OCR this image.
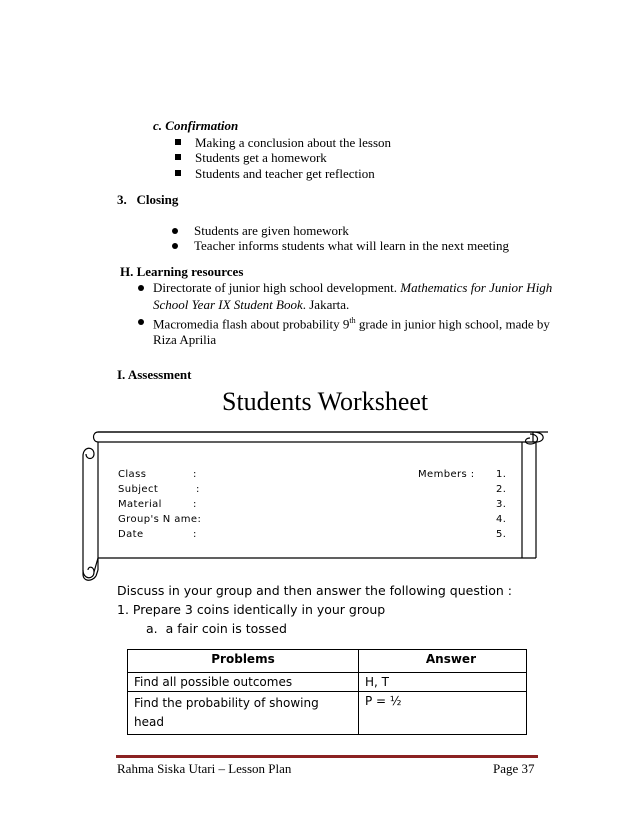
c. Confirmation
Making a conclusion about the lesson
Students get a homework
Students and teacher get reflection
3.   Closing
Students are given homework
Teacher informs students what will learn in the next meeting
H. Learning resources
Directorate of junior high school development. Mathematics for Junior High
School Year IX Student Book. Jakarta.
Macromedia flash about probability 9th grade in junior high school, made by
Riza Aprilia
I. Assessment
Students Worksheet
Class	:
Subject	:
Material	:
Group's N ame:
Date	:
Members : 1.
2.
3.
4.
5.
Discuss in your group and then answer the following question :
1. Prepare 3 coins identically in your group
a.  a fair coin is tossed
Problems	Answer
Find all possible outcomes	H, T
Find the probability of showing head	P = ½
Rahma Siska Utari – Lesson Plan	Page 37
